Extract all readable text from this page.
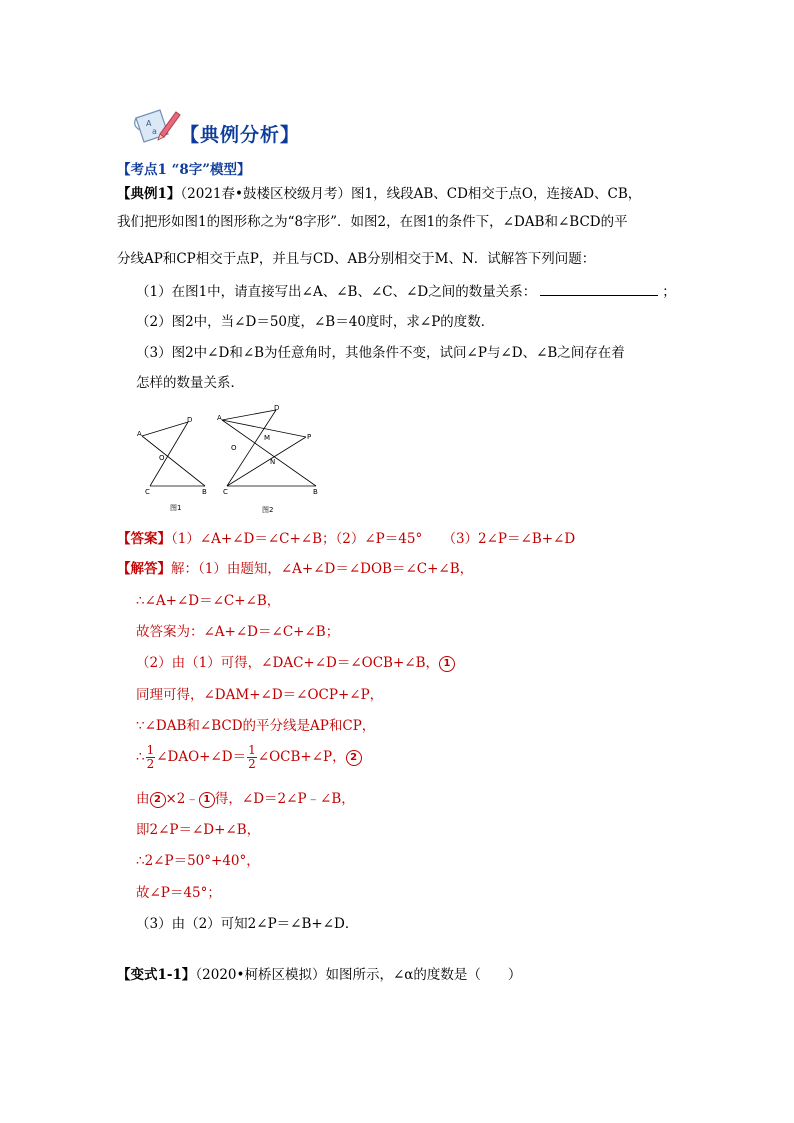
A
a 【典例分析】
【考点1 “8字”模型】
【典例1】（2021春•鼓楼区校级月考）图1，线段AB、CD相交于点O，连接AD、CB，
我们把形如图1的图形称之为“8字形”．如图2，在图1的条件下，∠DAB和∠BCD的平
分线AP和CP相交于点P，并且与CD、AB分别相交于M、N．试解答下列问题：
（1）在图1中，请直接写出∠A、∠B、∠C、∠D之间的数量关系：	；
（2）图2中，当∠D＝50度，∠B＝40度时，求∠P的度数．
（3）图2中∠D和∠B为任意角时，其他条件不变，试问∠P与∠D、∠B之间存在着
怎样的数量关系．
A
D
O
C	B
图1
A
D
M	P
O
N
C	B
图2
【答案】（1）∠A+∠D＝∠C+∠B；（2）∠P＝45°　　（3）2∠P＝∠B+∠D
【解答】解：（1）由题知，∠A+∠D＝∠DOB＝∠C+∠B，
∴∠A+∠D＝∠C+∠B，
故答案为：∠A+∠D＝∠C+∠B；
（2）由（1）可得，∠DAC+∠D＝∠OCB+∠B， 1
同理可得，∠DAM+∠D＝∠OCP+∠P，
∵∠DAB和∠BCD的平分线是AP和CP，
∴ $\frac{1}{2}$ ∠DAO+∠D＝ $\frac{1}{2}$ ∠OCB+∠P， 2
由 2 ×2﹣ 1 得，∠D＝2∠P﹣∠B，
即2∠P＝∠D+∠B，
∴2∠P＝50°+40°，
故∠P＝45°；
（3）由（2）可知2∠P＝∠B+∠D．
【变式1-1】（2020•柯桥区模拟）如图所示，∠α的度数是（　　）
